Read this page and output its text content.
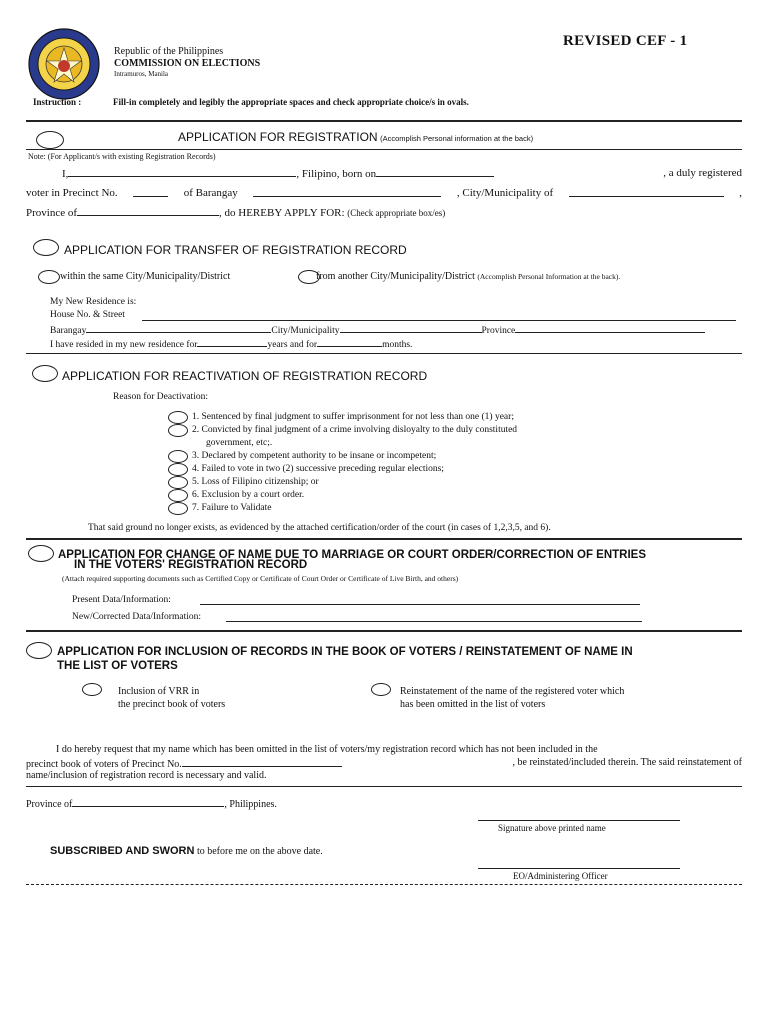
Republic of the Philippines
COMMISSION ON ELECTIONS
Intramuros, Manila
REVISED CEF - 1
Instruction :	Fill-in completely and legibly the appropriate spaces and check appropriate choice/s in ovals.
APPLICATION FOR REGISTRATION (Accomplish Personal information at the back)
Note: (For Applicant/s with existing Registration Records)
I,	, Filipino, born on	, a duly registered
voter in Precinct No.	of Barangay	, City/Municipality of	,
Province of	, do HEREBY APPLY FOR: (Check appropriate box/es)
APPLICATION FOR TRANSFER OF REGISTRATION RECORD
within the same City/Municipality/District	from another City/Municipality/District (Accomplish Personal Information at the back).
My New Residence is:
House No. & Street
Barangay	City/Municipality	Province
I have resided in my new residence for	years and for	months.
APPLICATION FOR REACTIVATION OF REGISTRATION RECORD
Reason for Deactivation:
1. Sentenced by final judgment to suffer imprisonment for not less than one (1) year;
2. Convicted by final judgment of a crime involving disloyalty to the duly constituted
government, etc;.
3. Declared by competent authority to be insane or incompetent;
4. Failed to vote in two (2) successive preceding regular elections;
5. Loss of Filipino citizenship; or
6. Exclusion by a court order.
7. Failure to Validate
That said ground no longer exists, as evidenced by the attached certification/order of the court (in cases of 1,2,3,5, and 6).
APPLICATION FOR CHANGE OF NAME DUE TO MARRIAGE OR COURT ORDER/CORRECTION OF ENTRIES
IN THE VOTERS' REGISTRATION RECORD
(Attach required supporting documents such as Certified Copy or Certificate of Court Order or Certificate of Live Birth, and others)
Present Data/Information:
New/Corrected Data/Information:
APPLICATION FOR INCLUSION OF RECORDS IN THE BOOK OF VOTERS / REINSTATEMENT OF NAME IN
THE LIST OF VOTERS
Inclusion of VRR in
the precinct book of voters
Reinstatement of the name of the registered voter which
has been omitted in the list of voters
I do hereby request that my name which has been omitted in the list of voters/my registration record which has not been included in the
precinct book of voters of Precinct No.	, be reinstated/included therein. The said reinstatement of
name/inclusion of registration record is necessary and valid.
Province of	, Philippines.
Signature above printed name
SUBSCRIBED AND SWORN to before me on the above date.
EO/Administering Officer
